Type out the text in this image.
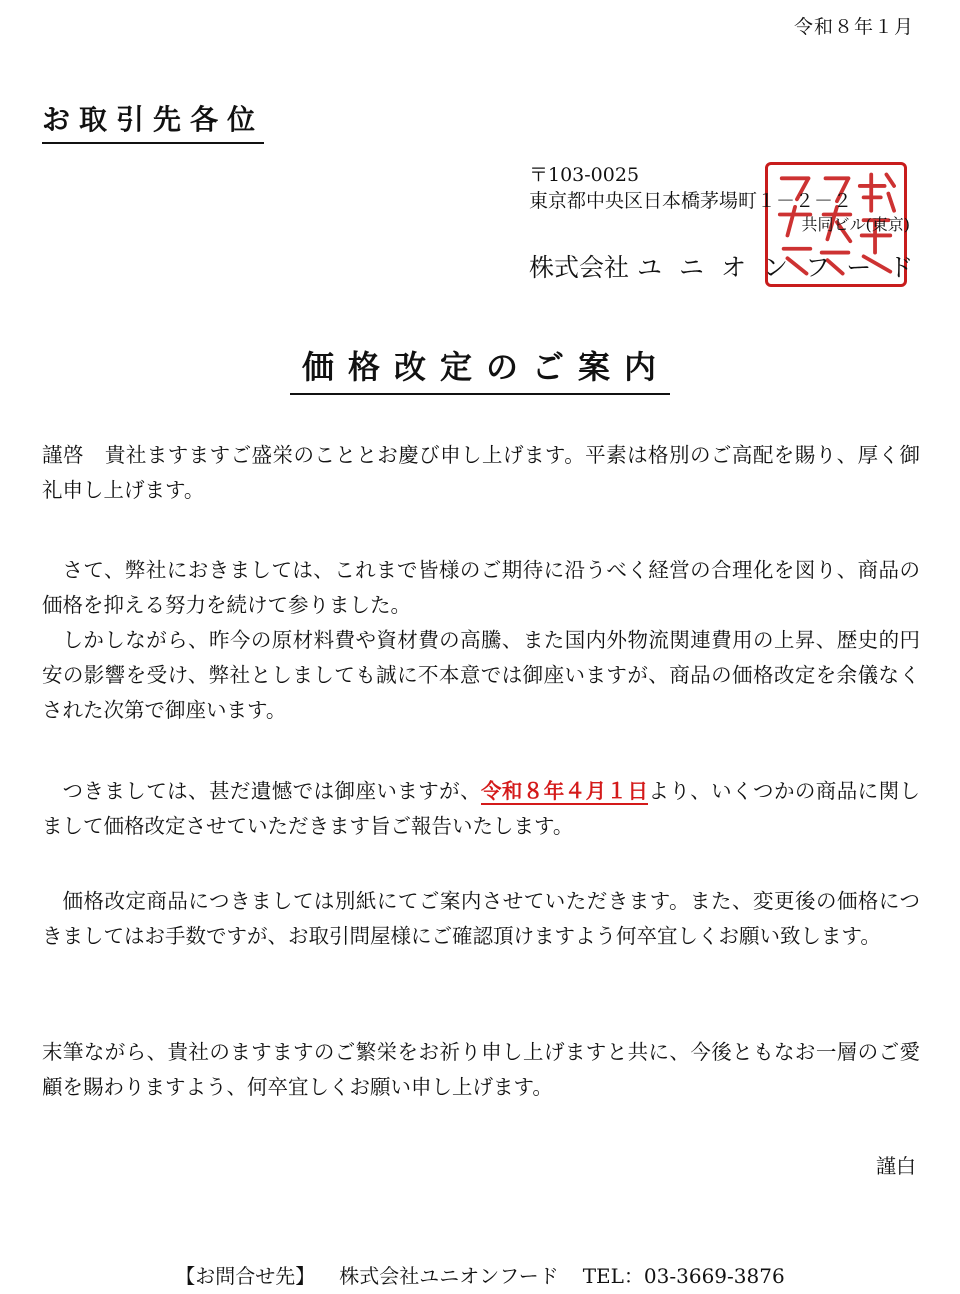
令和８年１月
お取引先各位
〒103-0025
東京都中央区日本橋茅場町１－２－２
共同ビル(東京)
株式会社 ユニオンフード
価格改定のご案内

謹啓　貴社ますますご盛栄のこととお慶び申し上げます。平素は格別のご高配を賜り、厚く御礼申し上げます。

さて、弊社におきましては、これまで皆様のご期待に沿うべく経営の合理化を図り、商品の価格を抑える努力を続けて参りました。

しかしながら、昨今の原材料費や資材費の高騰、また国内外物流関連費用の上昇、歴史的円安の影響を受け、弊社としましても誠に不本意では御座いますが、商品の価格改定を余儀なくされた次第で御座います。

つきましては、甚だ遺憾では御座いますが、令和８年４月１日より、いくつかの商品に関しまして価格改定させていただきます旨ご報告いたします。

価格改定商品につきましては別紙にてご案内させていただきます。また、変更後の価格につきましてはお手数ですが、お取引問屋様にご確認頂けますよう何卒宜しくお願い致します。

末筆ながら、貴社のますますのご繁栄をお祈り申し上げますと共に、今後ともなお一層のご愛顧を賜わりますよう、何卒宜しくお願い申し上げます。

謹白
【お問合せ先】 株式会社ユニオンフード TEL：03-3669-3876
